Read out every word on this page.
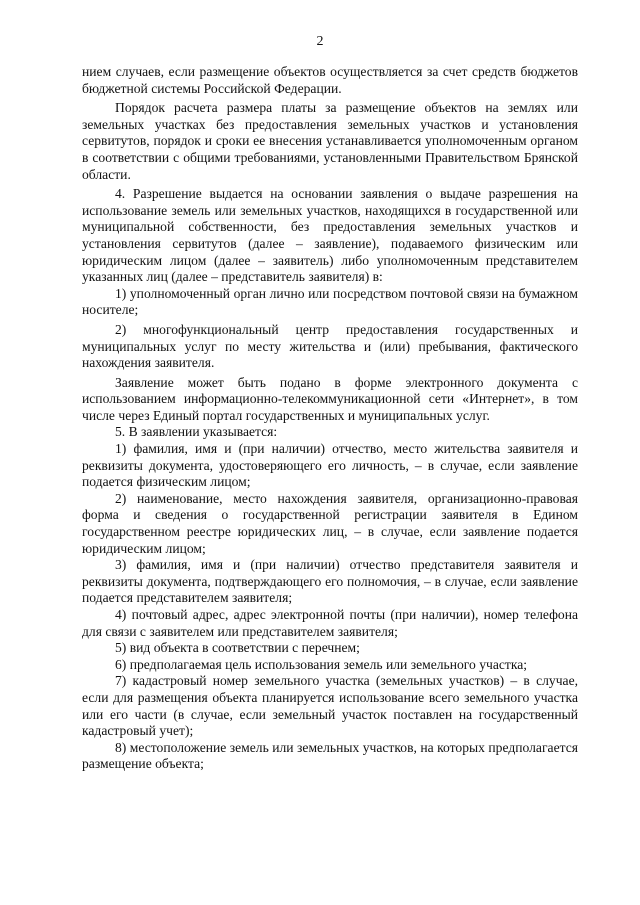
2

нием случаев, если размещение объектов осуществляется за счет средств бюджетов бюджетной системы Российской Федерации.

Порядок расчета размера платы за размещение объектов на землях или земельных участках без предоставления земельных участков и установления сервитутов, порядок и сроки ее внесения устанавливается уполномоченным органом в соответствии с общими требованиями, установленными Правительством Брянской области.

4. Разрешение выдается на основании заявления о выдаче разрешения на использование земель или земельных участков, находящихся в государственной или муниципальной собственности, без предоставления земельных участков и установления сервитутов (далее – заявление), подаваемого физическим или юридическим лицом (далее – заявитель) либо уполномоченным представителем указанных лиц (далее – представитель заявителя) в:

1) уполномоченный орган лично или посредством почтовой связи на бумажном носителе;

2) многофункциональный центр предоставления государственных и муниципальных услуг по месту жительства и (или) пребывания, фактического нахождения заявителя.

Заявление может быть подано в форме электронного документа с использованием информационно-телекоммуникационной сети «Интернет», в том числе через Единый портал государственных и муниципальных услуг.

5. В заявлении указывается:

1) фамилия, имя и (при наличии) отчество, место жительства заявителя и реквизиты документа, удостоверяющего его личность, – в случае, если заявление подается физическим лицом;

2) наименование, место нахождения заявителя, организационно-правовая форма и сведения о государственной регистрации заявителя в Едином государственном реестре юридических лиц, – в случае, если заявление подается юридическим лицом;

3) фамилия, имя и (при наличии) отчество представителя заявителя и реквизиты документа, подтверждающего его полномочия, – в случае, если заявление подается представителем заявителя;

4) почтовый адрес, адрес электронной почты (при наличии), номер телефона для связи с заявителем или представителем заявителя;

5) вид объекта в соответствии с перечнем;

6) предполагаемая цель использования земель или земельного участка;

7) кадастровый номер земельного участка (земельных участков) – в случае, если для размещения объекта планируется использование всего земельного участка или его части (в случае, если земельный участок поставлен на государственный кадастровый учет);

8) местоположение земель или земельных участков, на которых предполагается размещение объекта;
